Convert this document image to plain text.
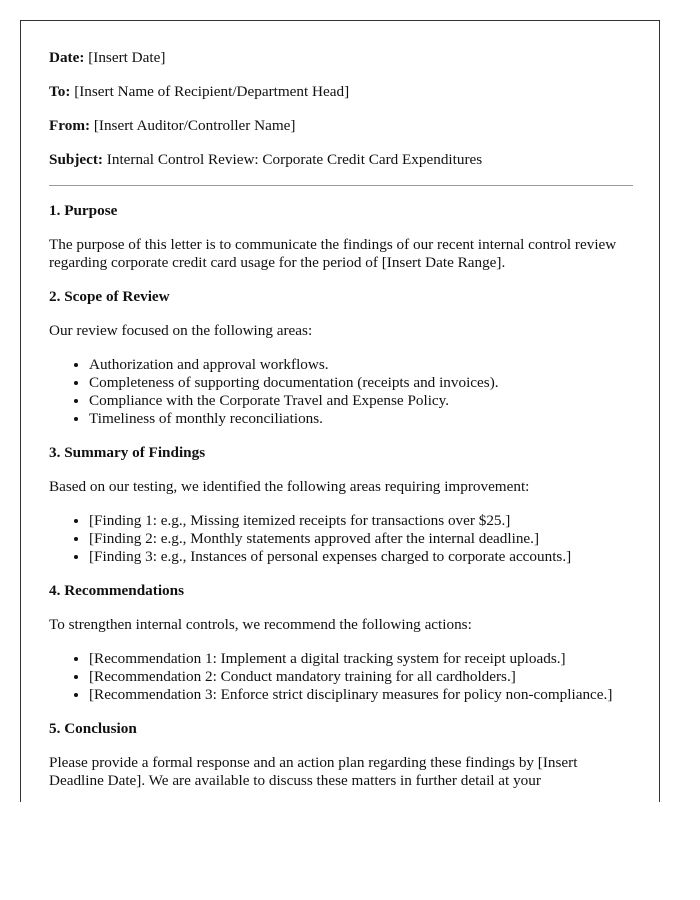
Date: [Insert Date]

To: [Insert Name of Recipient/Department Head]

From: [Insert Auditor/Controller Name]

Subject: Internal Control Review: Corporate Credit Card Expenditures

1. Purpose

The purpose of this letter is to communicate the findings of our recent internal control review regarding corporate credit card usage for the period of [Insert Date Range].

2. Scope of Review

Our review focused on the following areas:

• Authorization and approval workflows.
• Completeness of supporting documentation (receipts and invoices).
• Compliance with the Corporate Travel and Expense Policy.
• Timeliness of monthly reconciliations.
3. Summary of Findings

Based on our testing, we identified the following areas requiring improvement:

• [Finding 1: e.g., Missing itemized receipts for transactions over $25.]
• [Finding 2: e.g., Monthly statements approved after the internal deadline.]
• [Finding 3: e.g., Instances of personal expenses charged to corporate accounts.]
4. Recommendations

To strengthen internal controls, we recommend the following actions:

• [Recommendation 1: Implement a digital tracking system for receipt uploads.]
• [Recommendation 2: Conduct mandatory training for all cardholders.]
• [Recommendation 3: Enforce strict disciplinary measures for policy non-compliance.]
5. Conclusion

Please provide a formal response and an action plan regarding these findings by [Insert Deadline Date]. We are available to discuss these matters in further detail at your
